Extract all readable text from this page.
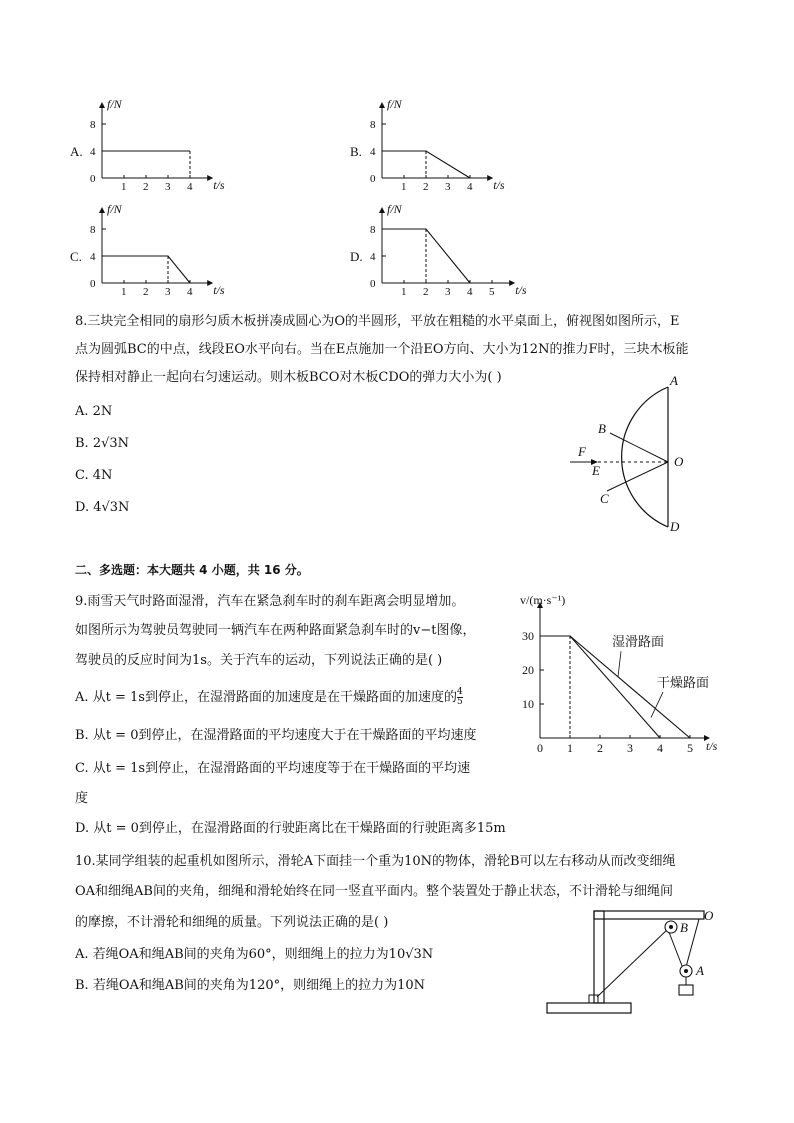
A.
f/N
t/s
8
4
0
1 2 3 4
B.
f/N
t/s
8
4
0
1 2 3 4
C.
f/N
t/s
8
4
0
1 2 3 4
D.
f/N
t/s
8
4
0
1 2 3 4 5
8.三块完全相同的扇形匀质木板拼凑成圆心为O的半圆形，平放在粗糙的水平桌面上，俯视图如图所示，E
点为圆弧BC的中点，线段EO水平向右。当在E点施加一个沿EO方向、大小为12N的推力F时，三块木板能
保持相对静止一起向右匀速运动。则木板BCO对木板CDO的弹力大小为( )
A. 2N
B. 2√3N
C. 4N
D. 4√3N
A
B
F
E
O
C
D
二、多选题：本大题共 4 小题，共 16 分。
9.雨雪天气时路面湿滑，汽车在紧急刹车时的刹车距离会明显增加。
如图所示为驾驶员驾驶同一辆汽车在两种路面紧急刹车时的v−t图像，
驾驶员的反应时间为1s。关于汽车的运动，下列说法正确的是( )
A. 从t = 1s到停止，在湿滑路面的加速度是在干燥路面的加速度的 $\frac{4}{5}$
B. 从t = 0到停止，在湿滑路面的平均速度大于在干燥路面的平均速度
C. 从t = 1s到停止，在湿滑路面的平均速度等于在干燥路面的平均速
度
D. 从t = 0到停止，在湿滑路面的行驶距离比在干燥路面的行驶距离多15m
v/(m·s⁻¹)
t/s
30
20
10
0 1 2 3 4 5
湿滑路面
干燥路面
10.某同学组装的起重机如图所示，滑轮A下面挂一个重为10N的物体，滑轮B可以左右移动从而改变细绳
OA和细绳AB间的夹角，细绳和滑轮始终在同一竖直平面内。整个装置处于静止状态，不计滑轮与细绳间
的摩擦，不计滑轮和细绳的质量。下列说法正确的是( )
A. 若绳OA和绳AB间的夹角为60°，则细绳上的拉力为10√3N
B. 若绳OA和绳AB间的夹角为120°，则细绳上的拉力为10N
O
B
A
